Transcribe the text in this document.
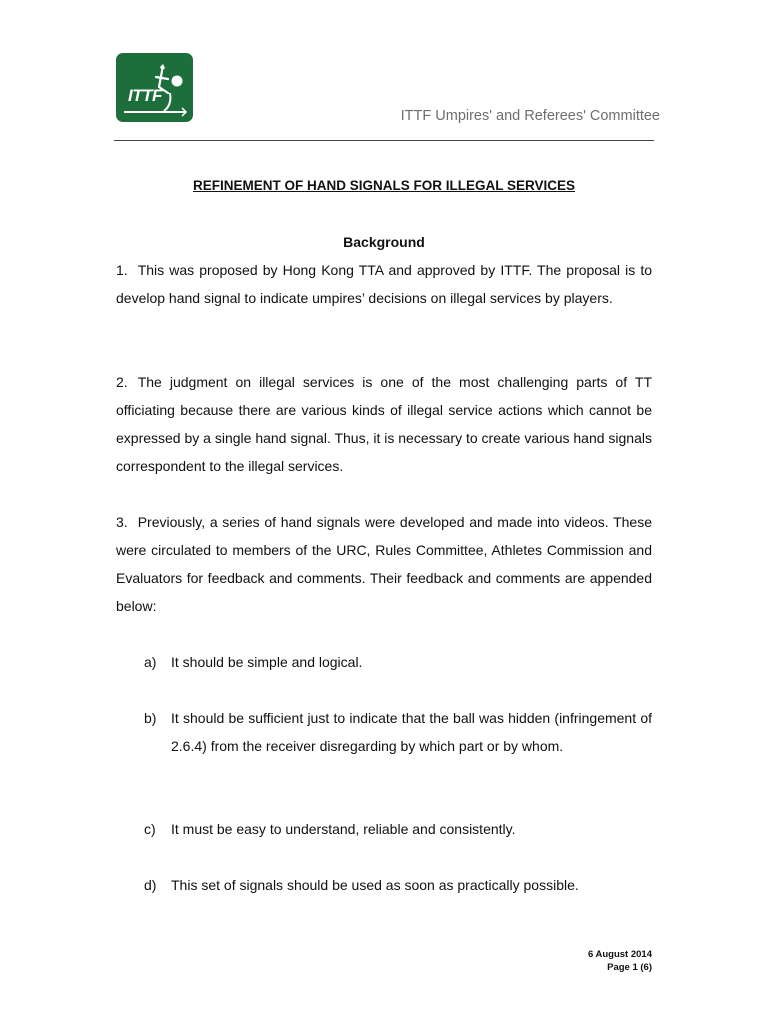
ITTF
ITTF Umpires' and Referees' Committee
REFINEMENT OF HAND SIGNALS FOR ILLEGAL SERVICES
Background
1. This was proposed by Hong Kong TTA and approved by ITTF. The proposal is to develop hand signal to indicate umpires’ decisions on illegal services by players.
2. The judgment on illegal services is one of the most challenging parts of TT officiating because there are various kinds of illegal service actions which cannot be expressed by a single hand signal. Thus, it is necessary to create various hand signals correspondent to the illegal services.
3. Previously, a series of hand signals were developed and made into videos. These were circulated to members of the URC, Rules Committee, Athletes Commission and Evaluators for feedback and comments. Their feedback and comments are appended below:
a) It should be simple and logical.
b) It should be sufficient just to indicate that the ball was hidden (infringement of 2.6.4) from the receiver disregarding by which part or by whom.
c) It must be easy to understand, reliable and consistently.
d) This set of signals should be used as soon as practically possible.
6 August 2014
Page 1 (6)
